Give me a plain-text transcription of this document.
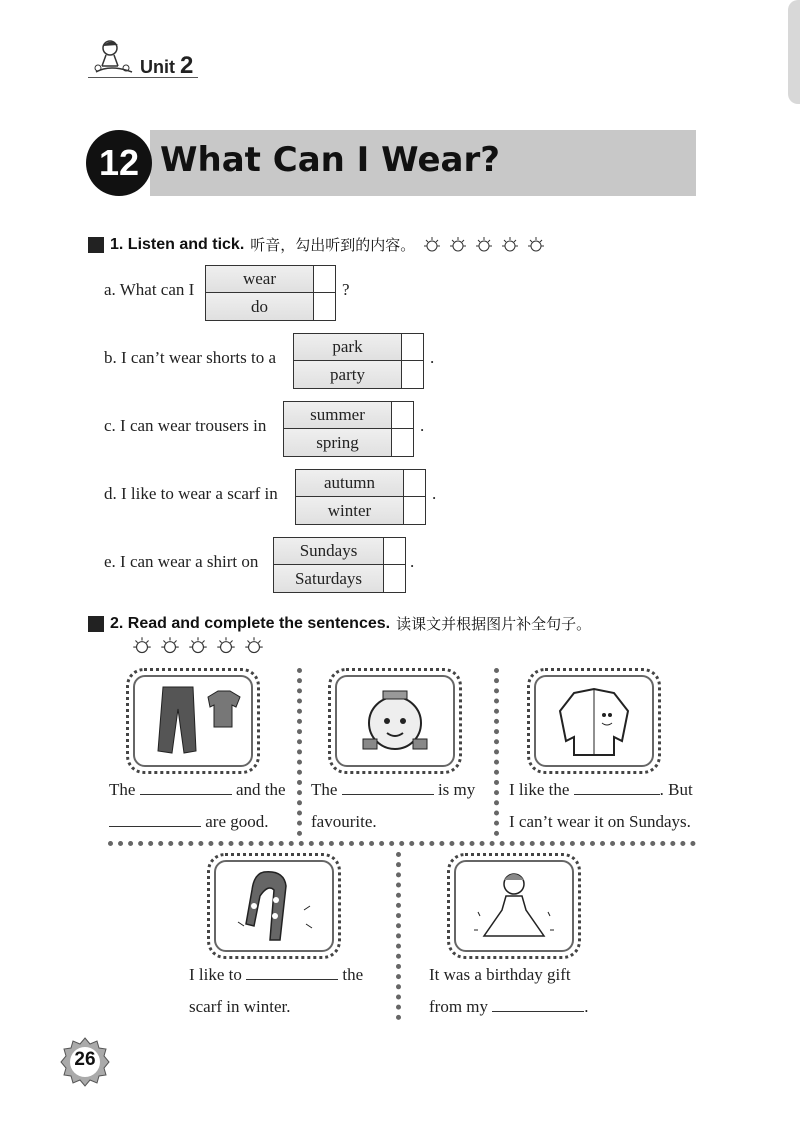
Unit 2
12 What Can I Wear?
1. Listen and tick. 听音，勾出听到的内容。
a. What can I
wear
do
?
b. I can’t wear shorts to a
park
party
.
c. I can wear trousers in
summer
spring
.
d. I like to wear a scarf in
autumn
winter
.
e. I can wear a shirt on
Sundays
Saturdays
.
2. Read and complete the sentences. 读课文并根据图片补全句子。
The	and the
are good.
The	is my
favourite.
I like the	. But
I can’t wear it on Sundays.
I like to	the
scarf in winter.
It was a birthday gift
from my	.
26
